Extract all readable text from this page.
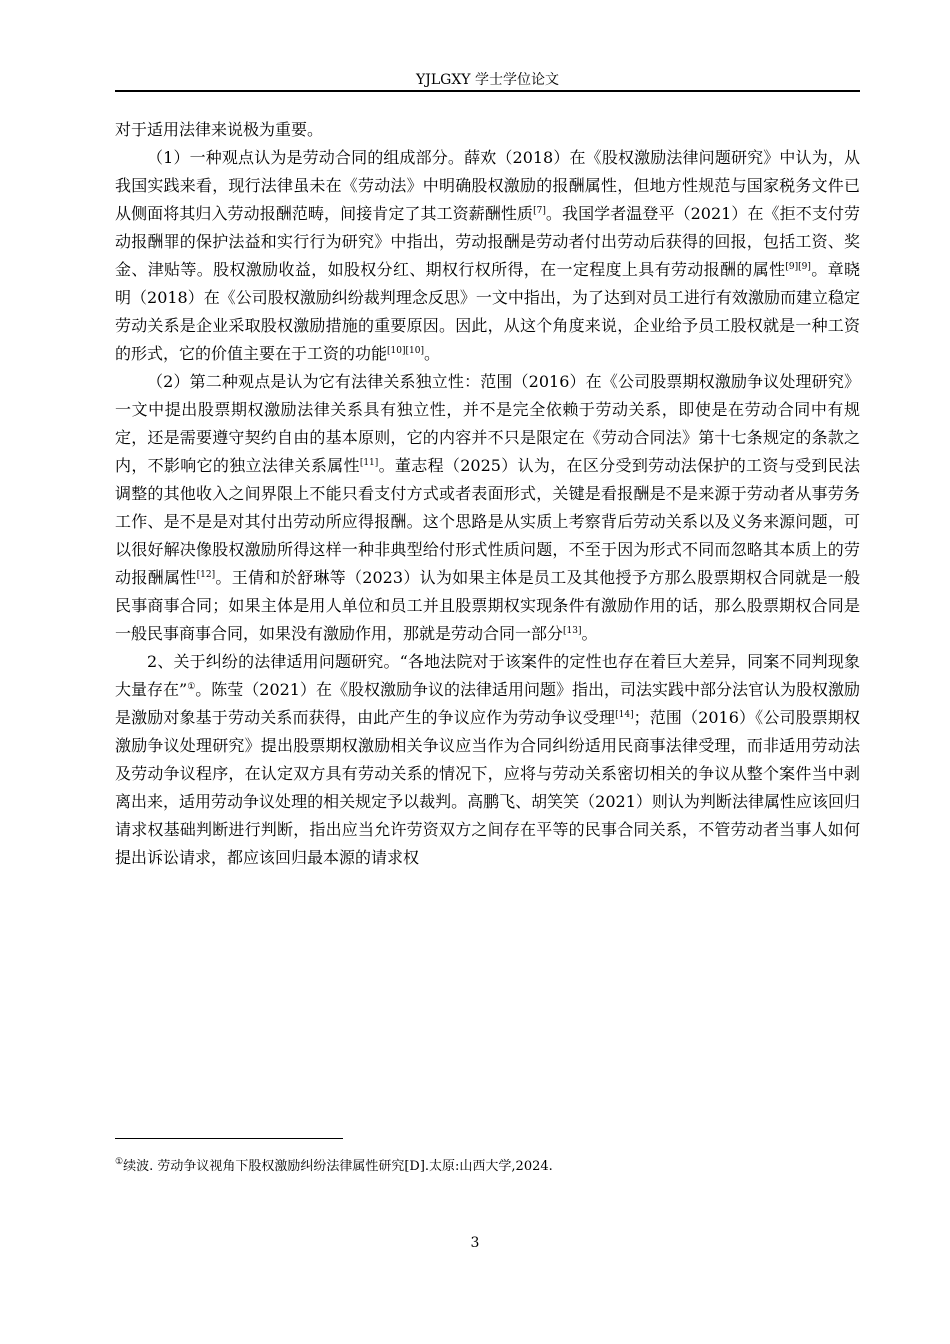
YJLGXY 学士学位论文

对于适用法律来说极为重要。

（1）一种观点认为是劳动合同的组成部分。薛欢（2018）在《股权激励法律问题研究》中认为，从我国实践来看，现行法律虽未在《劳动法》中明确股权激励的报酬属性，但地方性规范与国家税务文件已从侧面将其归入劳动报酬范畴，间接肯定了其工资薪酬性质[7]。我国学者温登平（2021）在《拒不支付劳动报酬罪的保护法益和实行行为研究》中指出，劳动报酬是劳动者付出劳动后获得的回报，包括工资、奖金、津贴等。股权激励收益，如股权分红、期权行权所得，在一定程度上具有劳动报酬的属性[9][9]。章晓明（2018）在《公司股权激励纠纷裁判理念反思》一文中指出，为了达到对员工进行有效激励而建立稳定劳动关系是企业采取股权激励措施的重要原因。因此，从这个角度来说，企业给予员工股权就是一种工资的形式，它的价值主要在于工资的功能[10][10]。

（2）第二种观点是认为它有法律关系独立性：范围（2016）在《公司股票期权激励争议处理研究》一文中提出股票期权激励法律关系具有独立性，并不是完全依赖于劳动关系，即使是在劳动合同中有规定，还是需要遵守契约自由的基本原则，它的内容并不只是限定在《劳动合同法》第十七条规定的条款之内，不影响它的独立法律关系属性[11]。董志程（2025）认为，在区分受到劳动法保护的工资与受到民法调整的其他收入之间界限上不能只看支付方式或者表面形式，关键是看报酬是不是来源于劳动者从事劳务工作、是不是是对其付出劳动所应得报酬。这个思路是从实质上考察背后劳动关系以及义务来源问题，可以很好解决像股权激励所得这样一种非典型给付形式性质问题，不至于因为形式不同而忽略其本质上的劳动报酬属性[12]。王倩和於舒琳等（2023）认为如果主体是员工及其他授予方那么股票期权合同就是一般民事商事合同；如果主体是用人单位和员工并且股票期权实现条件有激励作用的话，那么股票期权合同是一般民事商事合同，如果没有激励作用，那就是劳动合同一部分[13]。

2、关于纠纷的法律适用问题研究。“各地法院对于该案件的定性也存在着巨大差异，同案不同判现象大量存在”①。陈莹（2021）在《股权激励争议的法律适用问题》指出，司法实践中部分法官认为股权激励是激励对象基于劳动关系而获得，由此产生的争议应作为劳动争议受理[14]；范围（2016）《公司股票期权激励争议处理研究》提出股票期权激励相关争议应当作为合同纠纷适用民商事法律受理，而非适用劳动法及劳动争议程序，在认定双方具有劳动关系的情况下，应将与劳动关系密切相关的争议从整个案件当中剥离出来，适用劳动争议处理的相关规定予以裁判。高鹏飞、胡笑笑（2021）则认为判断法律属性应该回归请求权基础判断进行判断，指出应当允许劳资双方之间存在平等的民事合同关系，不管劳动者当事人如何提出诉讼请求，都应该回归最本源的请求权

①续波. 劳动争议视角下股权激励纠纷法律属性研究[D].太原:山西大学,2024.
3
